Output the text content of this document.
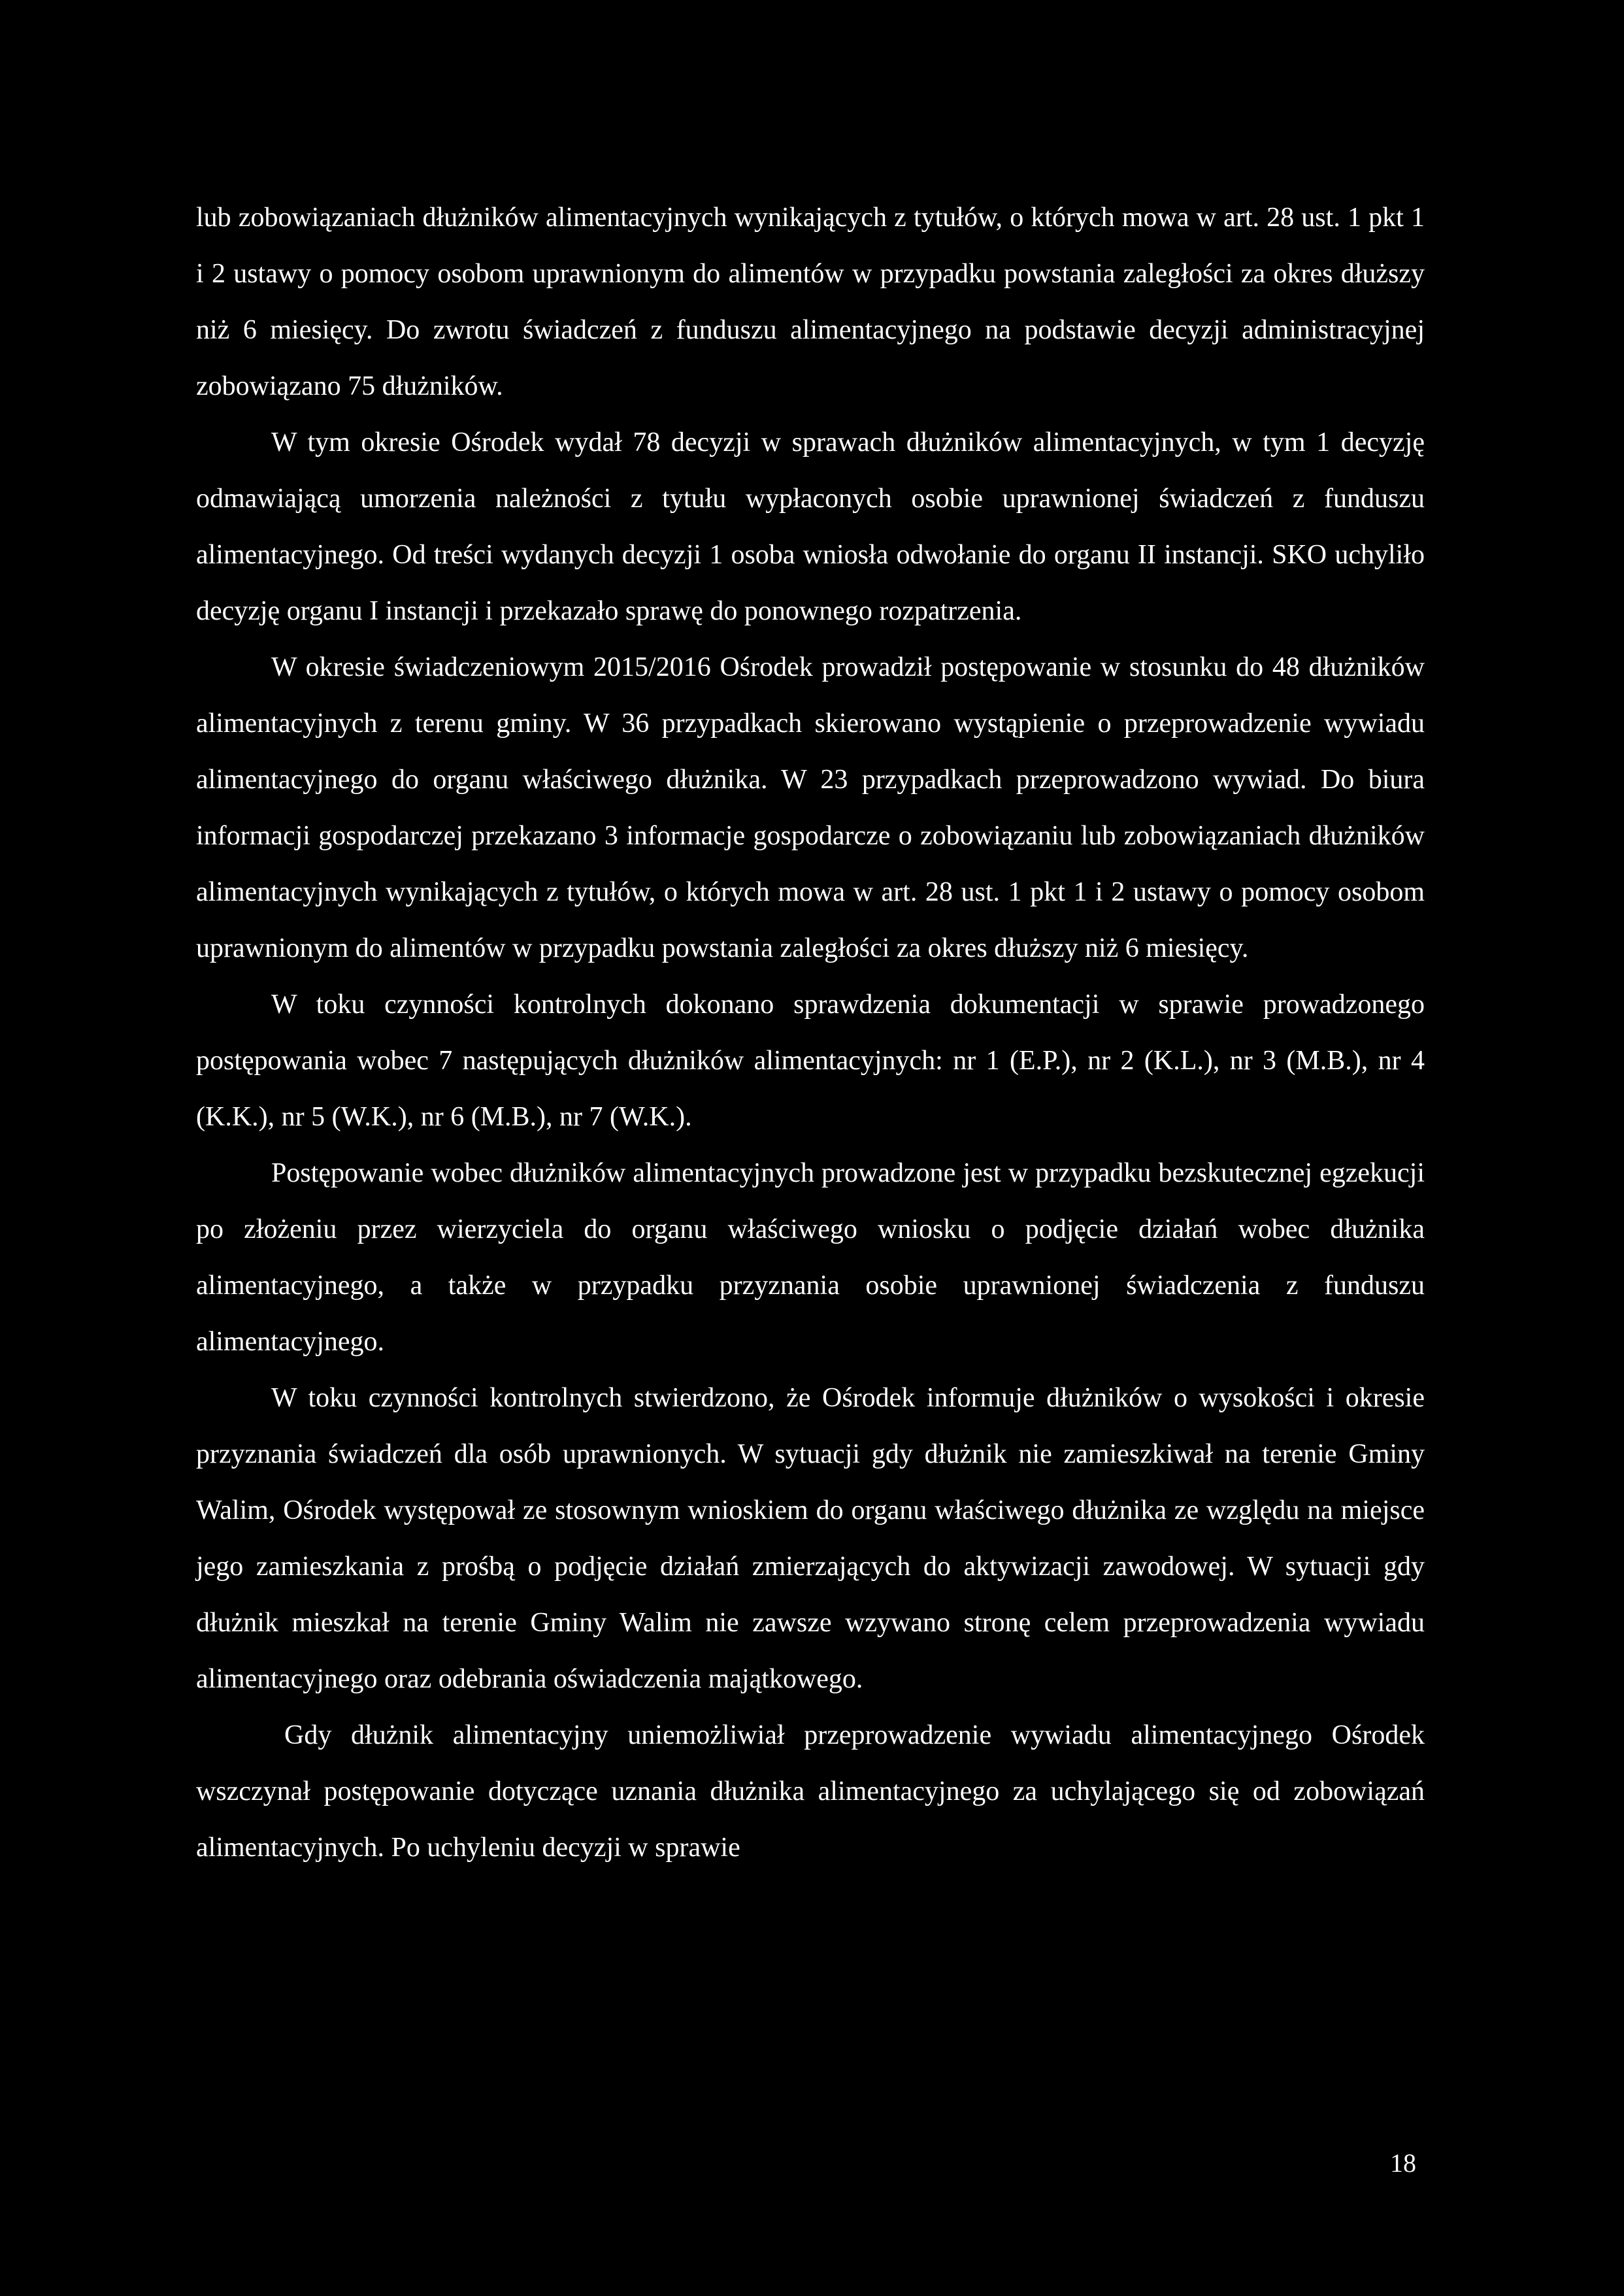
lub zobowiązaniach dłużników alimentacyjnych wynikających z tytułów, o których mowa w art. 28 ust. 1 pkt 1 i 2 ustawy o pomocy osobom uprawnionym do alimentów w przypadku powstania zaległości za okres dłuższy niż 6 miesięcy. Do zwrotu świadczeń z funduszu alimentacyjnego na podstawie decyzji administracyjnej zobowiązano 75 dłużników.

W tym okresie Ośrodek wydał 78 decyzji w sprawach dłużników alimentacyjnych, w tym 1 decyzję odmawiającą umorzenia należności z tytułu wypłaconych osobie uprawnionej świadczeń z funduszu alimentacyjnego. Od treści wydanych decyzji 1 osoba wniosła odwołanie do organu II instancji. SKO uchyliło decyzję organu I instancji i przekazało sprawę do ponownego rozpatrzenia.

W okresie świadczeniowym 2015/2016 Ośrodek prowadził postępowanie w stosunku do 48 dłużników alimentacyjnych z terenu gminy. W 36 przypadkach skierowano wystąpienie o przeprowadzenie wywiadu alimentacyjnego do organu właściwego dłużnika. W 23 przypadkach przeprowadzono wywiad. Do biura informacji gospodarczej przekazano 3 informacje gospodarcze o zobowiązaniu lub zobowiązaniach dłużników alimentacyjnych wynikających z tytułów, o których mowa w art. 28 ust. 1 pkt 1 i 2 ustawy o pomocy osobom uprawnionym do alimentów w przypadku powstania zaległości za okres dłuższy niż 6 miesięcy.

W toku czynności kontrolnych dokonano sprawdzenia dokumentacji w sprawie prowadzonego postępowania wobec 7 następujących dłużników alimentacyjnych: nr 1 (E.P.), nr 2 (K.L.), nr 3 (M.B.), nr 4 (K.K.), nr 5 (W.K.), nr 6 (M.B.), nr 7 (W.K.).

Postępowanie wobec dłużników alimentacyjnych prowadzone jest w przypadku bezskutecznej egzekucji po złożeniu przez wierzyciela do organu właściwego wniosku o podjęcie działań wobec dłużnika alimentacyjnego, a także w przypadku przyznania osobie uprawnionej świadczenia z funduszu alimentacyjnego.

W toku czynności kontrolnych stwierdzono, że Ośrodek informuje dłużników o wysokości i okresie przyznania świadczeń dla osób uprawnionych. W sytuacji gdy dłużnik nie zamieszkiwał na terenie Gminy Walim, Ośrodek występował ze stosownym wnioskiem do organu właściwego dłużnika ze względu na miejsce jego zamieszkania z prośbą o podjęcie działań zmierzających do aktywizacji zawodowej. W sytuacji gdy dłużnik mieszkał na terenie Gminy Walim nie zawsze wzywano stronę celem przeprowadzenia wywiadu alimentacyjnego oraz odebrania oświadczenia majątkowego.

Gdy dłużnik alimentacyjny uniemożliwiał przeprowadzenie wywiadu alimentacyjnego Ośrodek wszczynał postępowanie dotyczące uznania dłużnika alimentacyjnego za uchylającego się od zobowiązań alimentacyjnych. Po uchyleniu decyzji w sprawie

18
